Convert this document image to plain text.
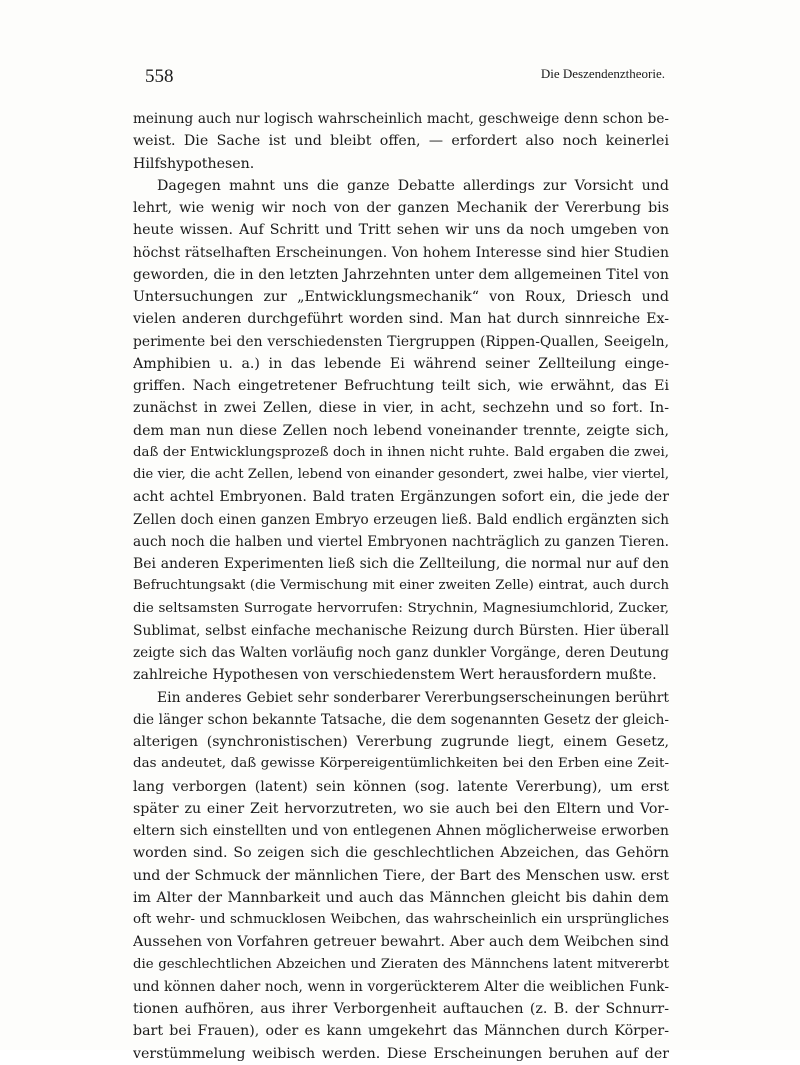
558	Die Deszendenztheorie.
meinung auch nur logisch wahrscheinlich macht, geschweige denn schon be-
weist. Die Sache ist und bleibt offen, — erfordert also noch keinerlei
Hilfshypothesen.
Dagegen mahnt uns die ganze Debatte allerdings zur Vorsicht und
lehrt, wie wenig wir noch von der ganzen Mechanik der Vererbung bis
heute wissen. Auf Schritt und Tritt sehen wir uns da noch umgeben von
höchst rätselhaften Erscheinungen. Von hohem Interesse sind hier Studien
geworden, die in den letzten Jahrzehnten unter dem allgemeinen Titel von
Untersuchungen zur „Entwicklungsmechanik“ von Roux, Driesch und
vielen anderen durchgeführt worden sind. Man hat durch sinnreiche Ex-
perimente bei den verschiedensten Tiergruppen (Rippen-Quallen, Seeigeln,
Amphibien u. a.) in das lebende Ei während seiner Zellteilung einge-
griffen. Nach eingetretener Befruchtung teilt sich, wie erwähnt, das Ei
zunächst in zwei Zellen, diese in vier, in acht, sechzehn und so fort. In-
dem man nun diese Zellen noch lebend voneinander trennte, zeigte sich,
daß der Entwicklungsprozeß doch in ihnen nicht ruhte. Bald ergaben die zwei,
die vier, die acht Zellen, lebend von einander gesondert, zwei halbe, vier viertel,
acht achtel Embryonen. Bald traten Ergänzungen sofort ein, die jede der
Zellen doch einen ganzen Embryo erzeugen ließ. Bald endlich ergänzten sich
auch noch die halben und viertel Embryonen nachträglich zu ganzen Tieren.
Bei anderen Experimenten ließ sich die Zellteilung, die normal nur auf den
Befruchtungsakt (die Vermischung mit einer zweiten Zelle) eintrat, auch durch
die seltsamsten Surrogate hervorrufen: Strychnin, Magnesiumchlorid, Zucker,
Sublimat, selbst einfache mechanische Reizung durch Bürsten. Hier überall
zeigte sich das Walten vorläufig noch ganz dunkler Vorgänge, deren Deutung
zahlreiche Hypothesen von verschiedenstem Wert herausfordern mußte.
Ein anderes Gebiet sehr sonderbarer Vererbungserscheinungen berührt
die länger schon bekannte Tatsache, die dem sogenannten Gesetz der gleich-
alterigen (synchronistischen) Vererbung zugrunde liegt, einem Gesetz,
das andeutet, daß gewisse Körpereigentümlichkeiten bei den Erben eine Zeit-
lang verborgen (latent) sein können (sog. latente Vererbung), um erst
später zu einer Zeit hervorzutreten, wo sie auch bei den Eltern und Vor-
eltern sich einstellten und von entlegenen Ahnen möglicherweise erworben
worden sind. So zeigen sich die geschlechtlichen Abzeichen, das Gehörn
und der Schmuck der männlichen Tiere, der Bart des Menschen usw. erst
im Alter der Mannbarkeit und auch das Männchen gleicht bis dahin dem
oft wehr- und schmucklosen Weibchen, das wahrscheinlich ein ursprüngliches
Aussehen von Vorfahren getreuer bewahrt. Aber auch dem Weibchen sind
die geschlechtlichen Abzeichen und Zieraten des Männchens latent mitvererbt
und können daher noch, wenn in vorgerückterem Alter die weiblichen Funk-
tionen aufhören, aus ihrer Verborgenheit auftauchen (z. B. der Schnurr-
bart bei Frauen), oder es kann umgekehrt das Männchen durch Körper-
verstümmelung weibisch werden. Diese Erscheinungen beruhen auf der
